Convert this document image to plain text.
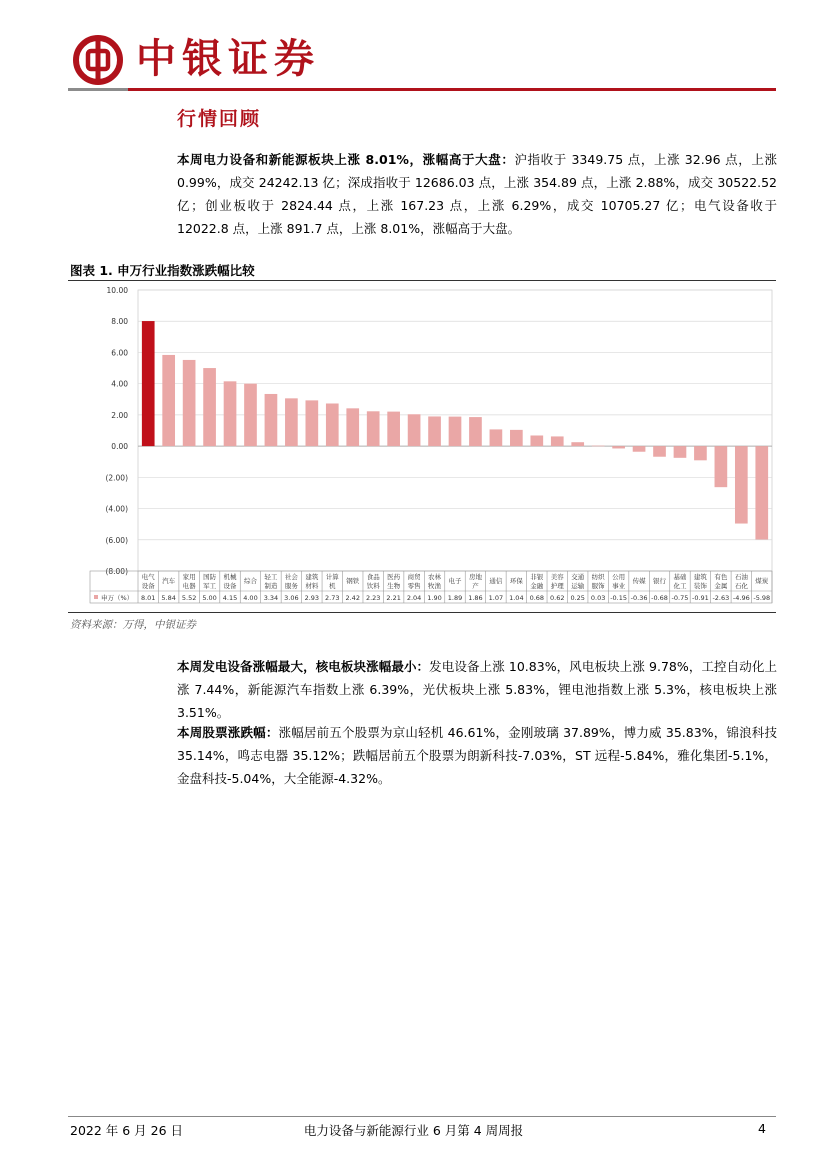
中银证券
行情回顾

本周电力设备和新能源板块上涨 8.01%，涨幅高于大盘：沪指收于 3349.75 点，上涨 32.96 点，上涨 0.99%，成交 24242.13 亿；深成指收于 12686.03 点，上涨 354.89 点，上涨 2.88%，成交 30522.52 亿；创业板收于 2824.44 点，上涨 167.23 点，上涨 6.29%，成交 10705.27 亿；电气设备收于 12022.8 点，上涨 891.7 点，上涨 8.01%，涨幅高于大盘。

图表 1. 申万行业指数涨跌幅比较
10.00
8.00
6.00
4.00
2.00
0.00
(2.00)
(4.00)
(6.00)
(8.00)
申万（%）
电气设备
8.01
汽车
5.84
家用电器
5.52
国防军工
5.00
机械设备
4.15
综合
4.00
轻工制造
3.34
社会服务
3.06
建筑材料
2.93
计算机
2.73
钢铁
2.42
食品饮料
2.23
医药生物
2.21
商贸零售
2.04
农林牧渔
1.90
电子
1.89
房地产
1.86
通信
1.07
环保
1.04
非银金融
0.68
美容护理
0.62
交通运输
0.25
纺织服饰
0.03
公用事业
-0.15
传媒
-0.36
银行
-0.68
基础化工
-0.75
建筑装饰
-0.91
有色金属
-2.63
石油石化
-4.96
煤炭
-5.98
资料来源：万得，中银证券

本周发电设备涨幅最大，核电板块涨幅最小：发电设备上涨 10.83%，风电板块上涨 9.78%，工控自动化上涨 7.44%，新能源汽车指数上涨 6.39%，光伏板块上涨 5.83%，锂电池指数上涨 5.3%，核电板块上涨 3.51%。

本周股票涨跌幅：涨幅居前五个股票为京山轻机 46.61%，金刚玻璃 37.89%，博力威 35.83%，锦浪科技 35.14%，鸣志电器 35.12%；跌幅居前五个股票为朗新科技-7.03%，ST 远程-5.84%，雅化集团-5.1%，金盘科技-5.04%，大全能源-4.32%。

2022 年 6 月 26 日	电力设备与新能源行业 6 月第 4 周周报	4
